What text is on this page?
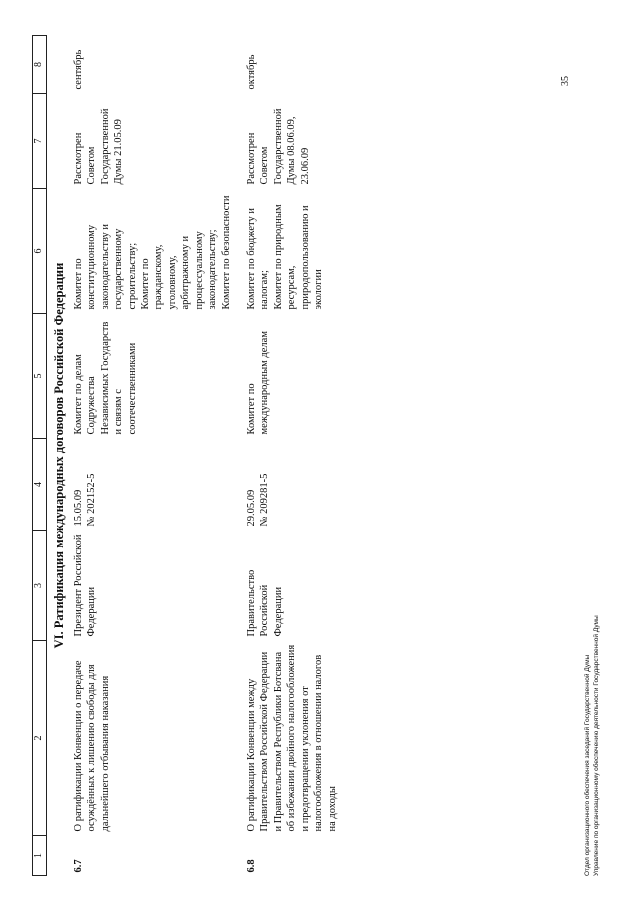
1	2	3	4	5	6	7	8
VI. Ратификация международных договоров Российской Федерации							
6.7	О ратификации Конвенции о передаче осуждённых к лишению свободы для дальнейшего отбывания наказания	Президент Российской Федерации	15.05.09 № 202152-5	Комитет по делам Содружества Независимых Государств и связям с соотечественниками	Комитет по конституционному законодательству и государственному строительству; Комитет по гражданскому, уголовному, арбитражному и процессуальному законодательству; Комитет по безопасности	Рассмотрен Советом Государственной Думы 21.05.09	сентябрь
6.8	О ратификации Конвенции между Правительством Российской Федерации и Правительством Республики Ботсвана об избежании двойного налогообложения и предотвращении уклонения от налогообложения в отношении налогов на доходы	Правительство Российской Федерации	29.05.09 № 209281-5	Комитет по международным делам	Комитет по бюджету и налогам; Комитет по природным ресурсам, природопользованию и экологии	Рассмотрен Советом Государственной Думы 08.06.09, 23.06.09	октябрь
Отдел организационного обеспечения заседаний Государственной Думы Управление по организационному обеспечению деятельности Государственной Думы
35
